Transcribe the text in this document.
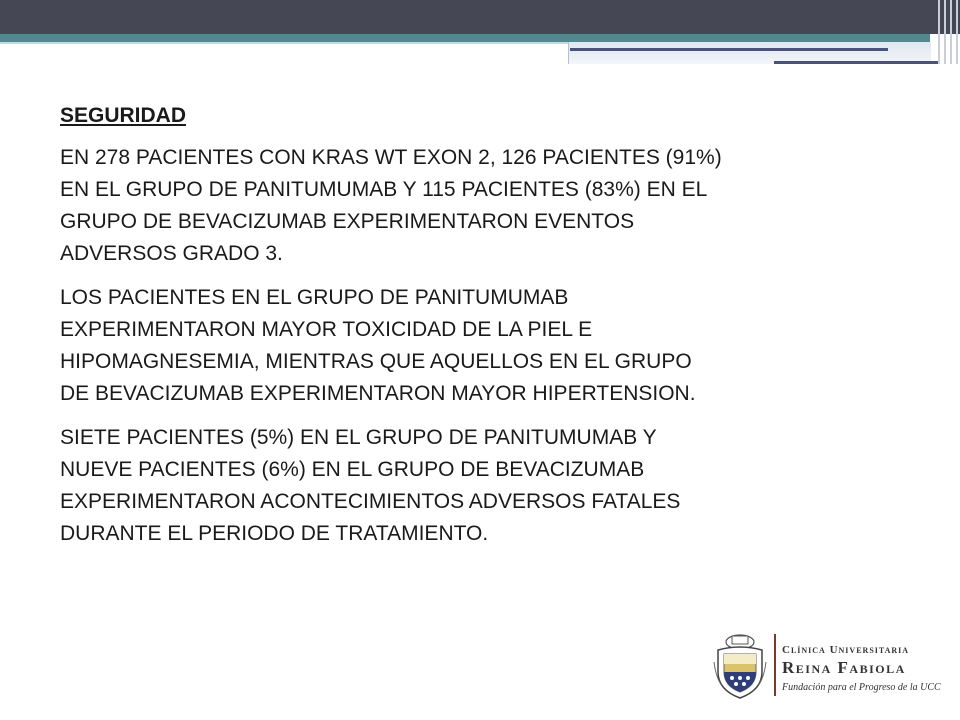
SEGURIDAD

EN 278 PACIENTES CON KRAS WT EXON 2, 126 PACIENTES (91%)
EN EL GRUPO DE PANITUMUMAB Y 115 PACIENTES (83%) EN EL
GRUPO DE BEVACIZUMAB EXPERIMENTARON EVENTOS
ADVERSOS GRADO 3.

LOS PACIENTES EN EL GRUPO DE PANITUMUMAB
EXPERIMENTARON MAYOR TOXICIDAD DE LA PIEL E
HIPOMAGNESEMIA, MIENTRAS QUE AQUELLOS EN EL GRUPO
DE BEVACIZUMAB EXPERIMENTARON MAYOR HIPERTENSION.

SIETE PACIENTES (5%) EN EL GRUPO DE PANITUMUMAB Y
NUEVE PACIENTES (6%) EN EL GRUPO DE BEVACIZUMAB
EXPERIMENTARON ACONTECIMIENTOS ADVERSOS FATALES
DURANTE EL PERIODO DE TRATAMIENTO.

Clínica Universitaria
Reina Fabiola
Fundación para el Progreso de la UCC
